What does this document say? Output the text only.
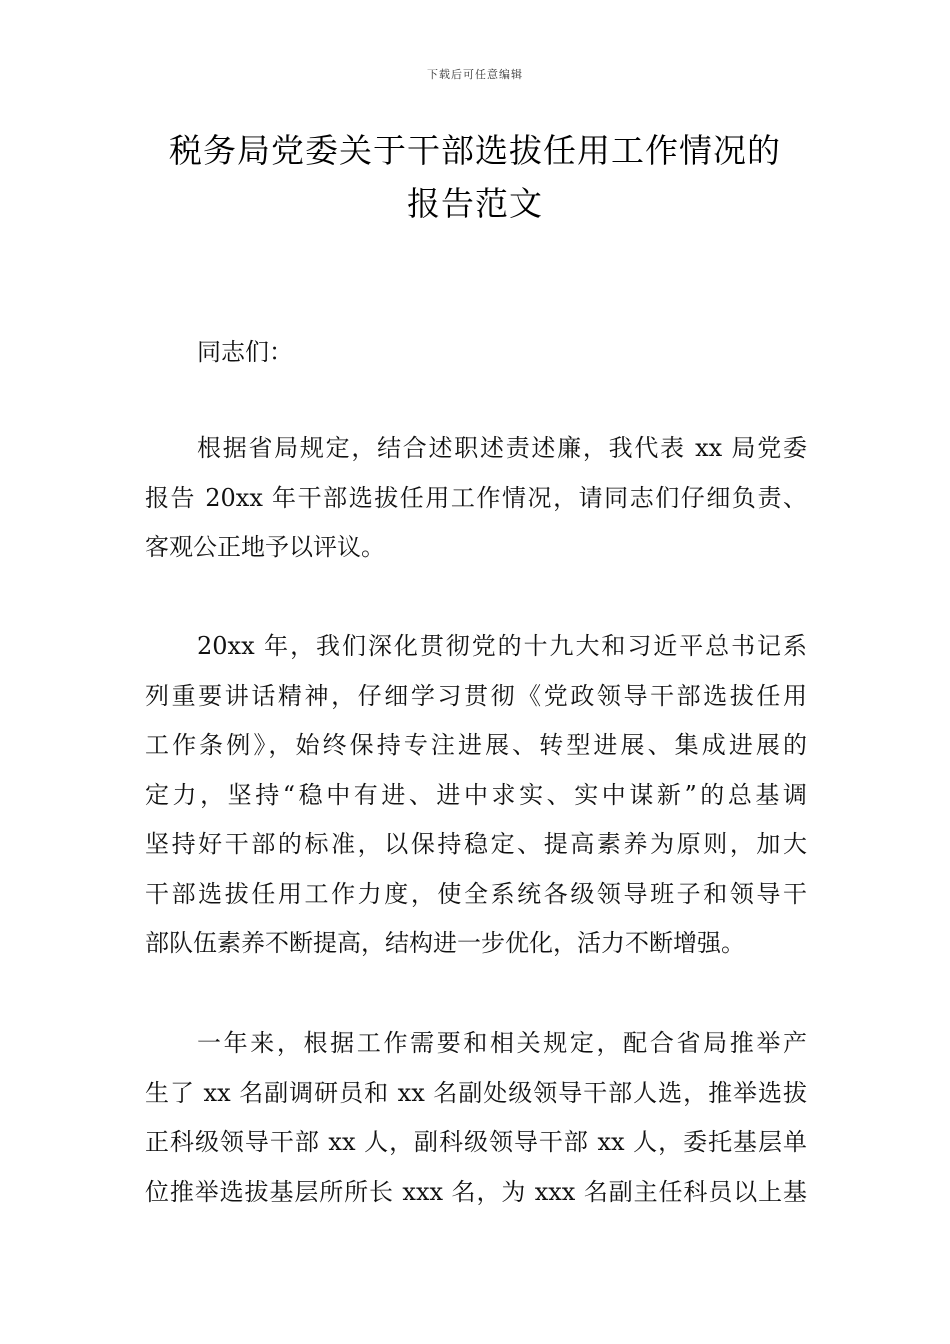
下载后可任意编辑
税务局党委关于干部选拔任用工作情况的
报告范文
同志们：
根据省局规定，结合述职述责述廉，我代表 xx 局党委
报告 20xx 年干部选拔任用工作情况，请同志们仔细负责、
客观公正地予以评议。
20xx 年，我们深化贯彻党的十九大和习近平总书记系
列重要讲话精神，仔细学习贯彻《党政领导干部选拔任用
工作条例》，始终保持专注进展、转型进展、集成进展的
定力，坚持“稳中有进、进中求实、实中谋新”的总基调
坚持好干部的标准，以保持稳定、提高素养为原则，加大
干部选拔任用工作力度，使全系统各级领导班子和领导干
部队伍素养不断提高，结构进一步优化，活力不断增强。
一年来，根据工作需要和相关规定，配合省局推举产
生了 xx 名副调研员和 xx 名副处级领导干部人选，推举选拔
正科级领导干部 xx 人，副科级领导干部 xx 人，委托基层单
位推举选拔基层所所长 xxx 名，为 xxx 名副主任科员以上基
